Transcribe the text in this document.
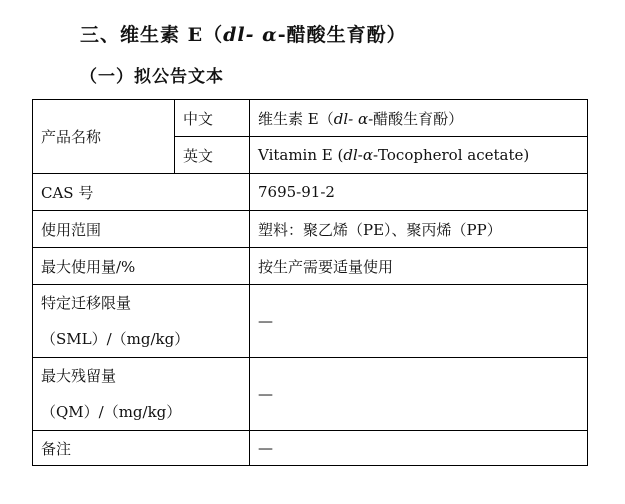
三、维生素 E（dl- α-醋酸生育酚）
（一）拟公告文本
产品名称	中文	维生素 E（dl- α-醋酸生育酚）
	英文	Vitamin E (dl-α-Tocopherol acetate)
CAS 号		7695-91-2
使用范围		塑料：聚乙烯（PE）、聚丙烯（PP）
最大使用量/%		按生产需要适量使用

特定迁移限量
（SML）/（mg/kg）		—

最大残留量
（QM）/（mg/kg）		—
备注		—
